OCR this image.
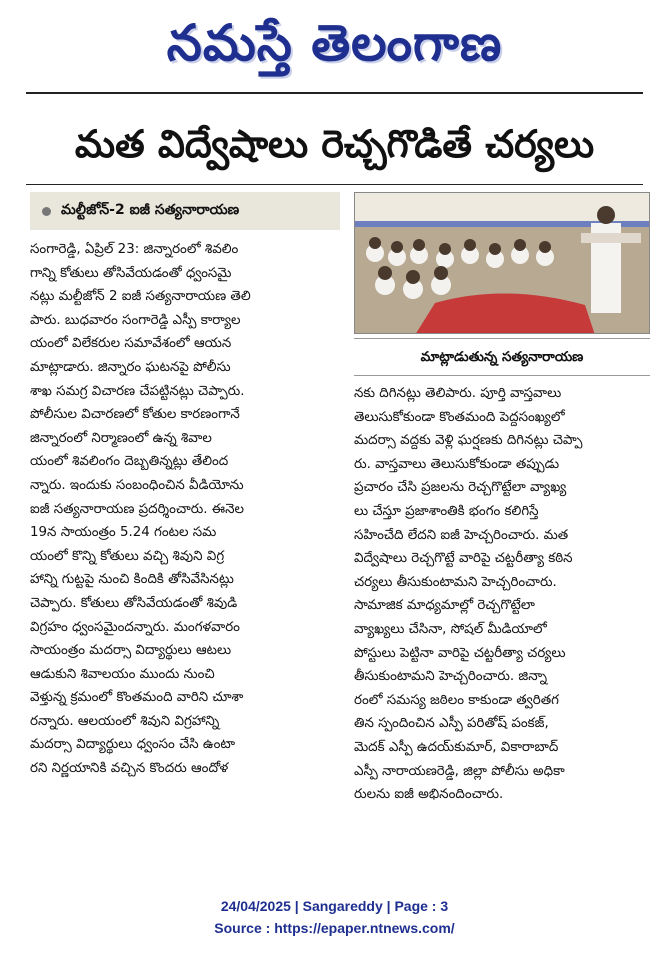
నమస్తే తెలంగాణ
మత విద్వేషాలు రెచ్చగొడితే చర్యలు
మల్టీజోన్-2 ఐజీ సత్యనారాయణ
సంగారెడ్డి, ఏప్రిల్ 23: జిన్నారంలో శివలిం
గాన్ని కోతులు తోసివేయడంతో ధ్వంసమై
నట్లు మల్టీజోన్ 2 ఐజీ సత్యనారాయణ తెలి
పారు. బుధవారం సంగారెడ్డి ఎస్పీ కార్యాల
యంలో విలేకరుల సమావేశంలో ఆయన
మాట్లాడారు. జిన్నారం ఘటనపై పోలీసు
శాఖ సమగ్ర విచారణ చేపట్టినట్లు చెప్పారు.
పోలీసుల విచారణలో కోతుల కారణంగానే
జిన్నారంలో నిర్మాణంలో ఉన్న శివాల
యంలో శివలింగం దెబ్బతిన్నట్లు తేలింద
న్నారు. ఇందుకు సంబంధించిన వీడియోను
ఐజీ సత్యనారాయణ ప్రదర్శించారు. ఈనెల
19న సాయంత్రం 5.24 గంటల సమ
యంలో కొన్ని కోతులు వచ్చి శివుని విగ్ర
హాన్ని గుట్టపై నుంచి కిందికి తోసివేసినట్లు
చెప్పారు. కోతులు తోసివేయడంతో శివుడి
విగ్రహం ధ్వంసమైందన్నారు. మంగళవారం
సాయంత్రం మదర్సా విద్యార్థులు ఆటలు
ఆడుకుని శివాలయం ముందు నుంచి
వెళ్తున్న క్రమంలో కొంతమంది వారిని చూశా
రన్నారు. ఆలయంలో శివుని విగ్రహాన్ని
మదర్సా విద్యార్థులు ధ్వంసం చేసి ఉంటా
రని నిర్ణయానికి వచ్చిన కొందరు ఆందోళ
మాట్లాడుతున్న సత్యనారాయణ
నకు దిగినట్లు తెలిపారు. పూర్తి వాస్తవాలు
తెలుసుకోకుండా కొంతమంది పెద్దసంఖ్యలో
మదర్సా వద్దకు వెళ్లి ఘర్షణకు దిగినట్లు చెప్పా
రు. వాస్తవాలు తెలుసుకోకుండా తప్పుడు
ప్రచారం చేసి ప్రజలను రెచ్చగొట్టేలా వ్యాఖ్య
లు చేస్తూ ప్రజాశాంతికి భంగం కలిగిస్తే
సహించేది లేదని ఐజీ హెచ్చరించారు. మత
విద్వేషాలు రెచ్చగొట్టే వారిపై చట్టరీత్యా కఠిన
చర్యలు తీసుకుంటామని హెచ్చరించారు.
సామాజిక మాధ్యమాల్లో రెచ్చగొట్టేలా
వ్యాఖ్యలు చేసినా, సోషల్ మీడియాలో
పోస్టులు పెట్టినా వారిపై చట్టరీత్యా చర్యలు
తీసుకుంటామని హెచ్చరించారు. జిన్నా
రంలో సమస్య జఠిలం కాకుండా త్వరితగ
తిన స్పందించిన ఎస్పీ పరితోష్ పంకజ్,
మెదక్ ఎస్పీ ఉదయ్‌కుమార్, వికారాబాద్
ఎస్పీ నారాయణరెడ్డి, జిల్లా పోలీసు అధికా
రులను ఐజీ అభినందించారు.
24/04/2025 | Sangareddy | Page : 3
Source : https://epaper.ntnews.com/
